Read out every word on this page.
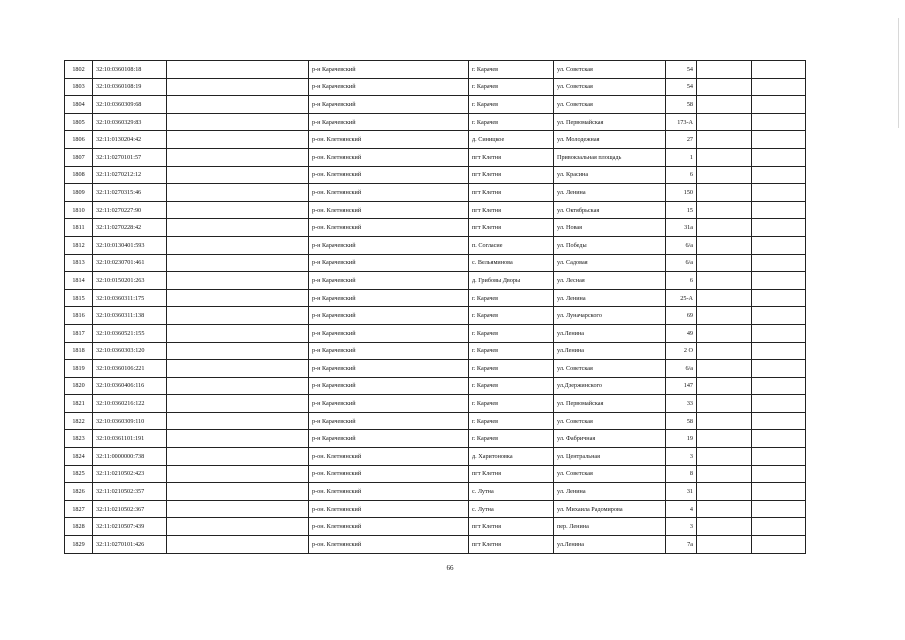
1802	32:10:0360108:18		р-н Карачевский	г. Карачев	ул. Советская	54		
1803	32:10:0360108:19		р-н Карачевский	г. Карачев	ул. Советская	54		
1804	32:10:0360309:68		р-н Карачевский	г. Карачев	ул. Советская	58		
1805	32:10:0360329:83		р-н Карачевский	г. Карачев	ул. Первомайская	173-А		
1806	32:11:0130204:42		р-он. Клетнянский	д. Синицкое	ул. Молодежная	27		
1807	32:11:0270101:57		р-он. Клетнянский	пгт Клетня	Привокзальная площадь	1		
1808	32:11:0270212:12		р-он. Клетнянский	пгт Клетня	ул. Красина	6		
1809	32:11:0270315:46		р-он. Клетнянский	пгт Клетня	ул. Ленина	150		
1810	32:11:0270227:90		р-он. Клетнянский	пгт Клетня	ул. Октябрьская	15		
1811	32:11:0270228:42		р-он. Клетнянский	пгт Клетня	ул. Новая	31а		
1812	32:10:0130401:593		р-н Карачевский	п. Согласие	ул. Победы	6/а		
1813	32:10:0230701:461		р-н Карачевский	с. Вельяминова	ул. Садовая	6/а		
1814	32:10:0150201:263		р-н Карачевский	д. Грибовы Дворы	ул. Лесная	6		
1815	32:10:0360311:175		р-н Карачевский	г. Карачев	ул. Ленина	25-А		
1816	32:10:0360311:138		р-н Карачевский	г. Карачев	ул. Луначарского	69		
1817	32:10:0360521:155		р-н Карачевский	г. Карачев	ул.Ленина	49		
1818	32:10:0360303:120		р-н Карачевский	г. Карачев	ул.Ленина	2 О		
1819	32:10:0360106:221		р-н Карачевский	г. Карачев	ул. Советская	6/а		
1820	32:10:0360406:116		р-н Карачевский	г. Карачев	ул.Дзержинского	147		
1821	32:10:0360216:122		р-н Карачевский	г. Карачев	ул. Первомайская	33		
1822	32:10:0360309:110		р-н Карачевский	г. Карачев	ул. Советская	58		
1823	32:10:0361101:191		р-н Карачевский	г. Карачев	ул. Фабричная	19		
1824	32:11:0000000:738		р-он. Клетнянский	д. Харитоновка	ул. Центральная	3		
1825	32:11:0210502:423		р-он. Клетнянский	пгт Клетня	ул. Советская	8		
1826	32:11:0210502:357		р-он. Клетнянский	с. Лутна	ул. Ленина	31		
1827	32:11:0210502:367		р-он. Клетнянский	с. Лутна	ул. Михаила Радомирова	4		
1828	32:11:0210507:439		р-он. Клетнянский	пгт Клетня	пер. Ленина	3		
1829	32:11:0270101:426		р-он. Клетнянский	пгт Клетня	ул.Ленина	7а		
66
